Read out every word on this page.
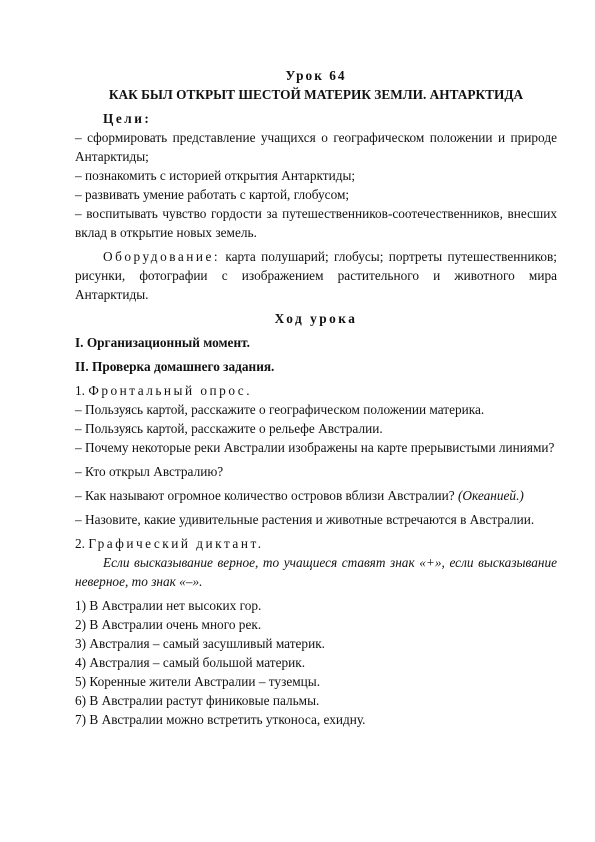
Урок 64
КАК БЫЛ ОТКРЫТ ШЕСТОЙ МАТЕРИК ЗЕМЛИ. АНТАРКТИДА

Цели:

– сформировать представление учащихся о географическом положении и природе Антарктиды;

– познакомить с историей открытия Антарктиды;

– развивать умение работать с картой, глобусом;

– воспитывать чувство гордости за путешественников-соотечественников, внесших вклад в открытие новых земель.

Оборудование: карта полушарий; глобусы; портреты путешественников; рисунки, фотографии с изображением растительного и животного мира Антарктиды.

Ход урока

I. Организационный момент.

II. Проверка домашнего задания.

1. Фронтальный опрос.

– Пользуясь картой, расскажите о географическом положении материка.

– Пользуясь картой, расскажите о рельефе Австралии.

– Почему некоторые реки Австралии изображены на карте прерывистыми линиями?

– Кто открыл Австралию?

– Как называют огромное количество островов вблизи Австралии? (Океанией.)

– Назовите, какие удивительные растения и животные встречаются в Австралии.

2. Графический диктант.

Если высказывание верное, то учащиеся ставят знак «+», если высказывание неверное, то знак «–».

1) В Австралии нет высоких гор.

2) В Австралии очень много рек.

3) Австралия – самый засушливый материк.

4) Австралия – самый большой материк.

5) Коренные жители Австралии – туземцы.

6) В Австралии растут финиковые пальмы.

7) В Австралии можно встретить утконоса, ехидну.
